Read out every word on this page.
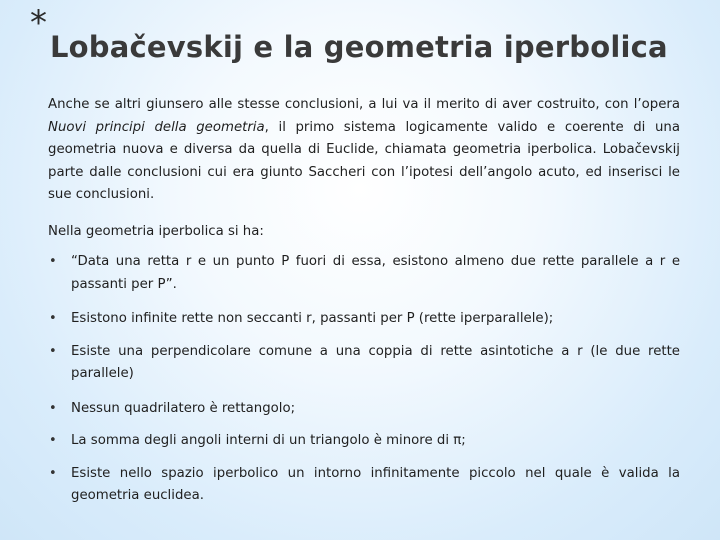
*
Lobačevskij e la geometria iperbolica

Anche se altri giunsero alle stesse conclusioni, a lui va il merito di aver costruito, con l’opera Nuovi principi della geometria, il primo sistema logicamente valido e coerente di una geometria nuova e diversa da quella di Euclide, chiamata geometria iperbolica. Lobačevskij parte dalle conclusioni cui era giunto Saccheri con l’ipotesi dell’angolo acuto, ed inserisci le sue conclusioni.

Nella geometria iperbolica si ha:

• “Data una retta r e un punto P fuori di essa, esistono almeno due rette parallele a r e passanti per P”.
• Esistono infinite rette non seccanti r, passanti per P (rette iperparallele);
• Esiste una perpendicolare comune a una coppia di rette asintotiche a r (le due rette parallele)
• Nessun quadrilatero è rettangolo;
• La somma degli angoli interni di un triangolo è minore di π;
• Esiste nello spazio iperbolico un intorno infinitamente piccolo nel quale è valida la geometria euclidea.
